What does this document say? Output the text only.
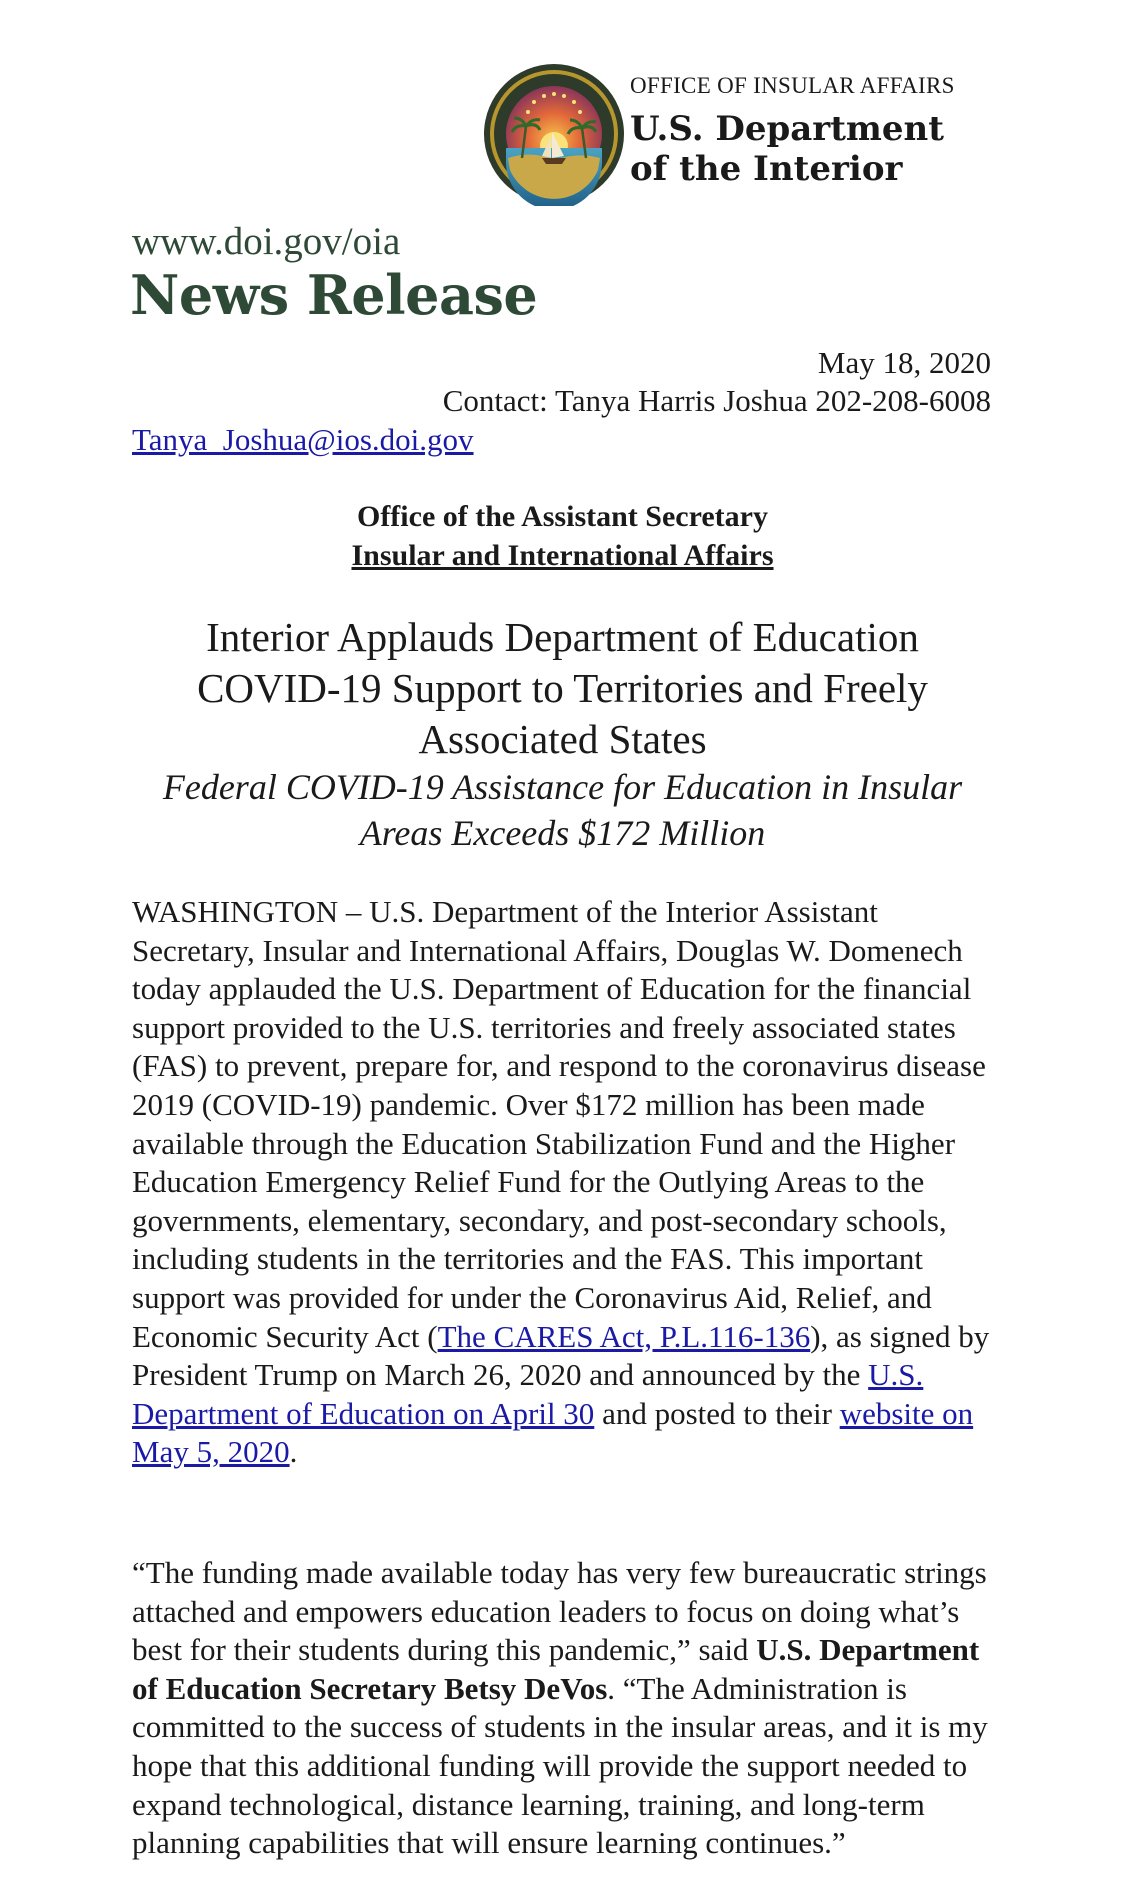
OFFICE OF INSULAR AFFAIRS
U.S. Department
of the Interior
www.doi.gov/oia
News Release
May 18, 2020
Contact: Tanya Harris Joshua 202-208-6008
Tanya_Joshua@ios.doi.gov
Office of the Assistant Secretary
Insular and International Affairs
Interior Applauds Department of Education COVID-19 Support to Territories and Freely Associated States
Federal COVID-19 Assistance for Education in Insular Areas Exceeds $172 Million
WASHINGTON – U.S. Department of the Interior Assistant Secretary, Insular and International Affairs, Douglas W. Domenech today applauded the U.S. Department of Education for the financial support provided to the U.S. territories and freely associated states (FAS) to prevent, prepare for, and respond to the coronavirus disease 2019 (COVID-19) pandemic. Over $172 million has been made available through the Education Stabilization Fund and the Higher Education Emergency Relief Fund for the Outlying Areas to the governments, elementary, secondary, and post-secondary schools, including students in the territories and the FAS. This important support was provided for under the Coronavirus Aid, Relief, and Economic Security Act (The CARES Act, P.L.116-136), as signed by President Trump on March 26, 2020 and announced by the U.S. Department of Education on April 30 and posted to their website on May 5, 2020.
“The funding made available today has very few bureaucratic strings attached and empowers education leaders to focus on doing what’s best for their students during this pandemic,” said U.S. Department of Education Secretary Betsy DeVos. “The Administration is committed to the success of students in the insular areas, and it is my hope that this additional funding will provide the support needed to expand technological, distance learning, training, and long-term planning capabilities that will ensure learning continues.”
